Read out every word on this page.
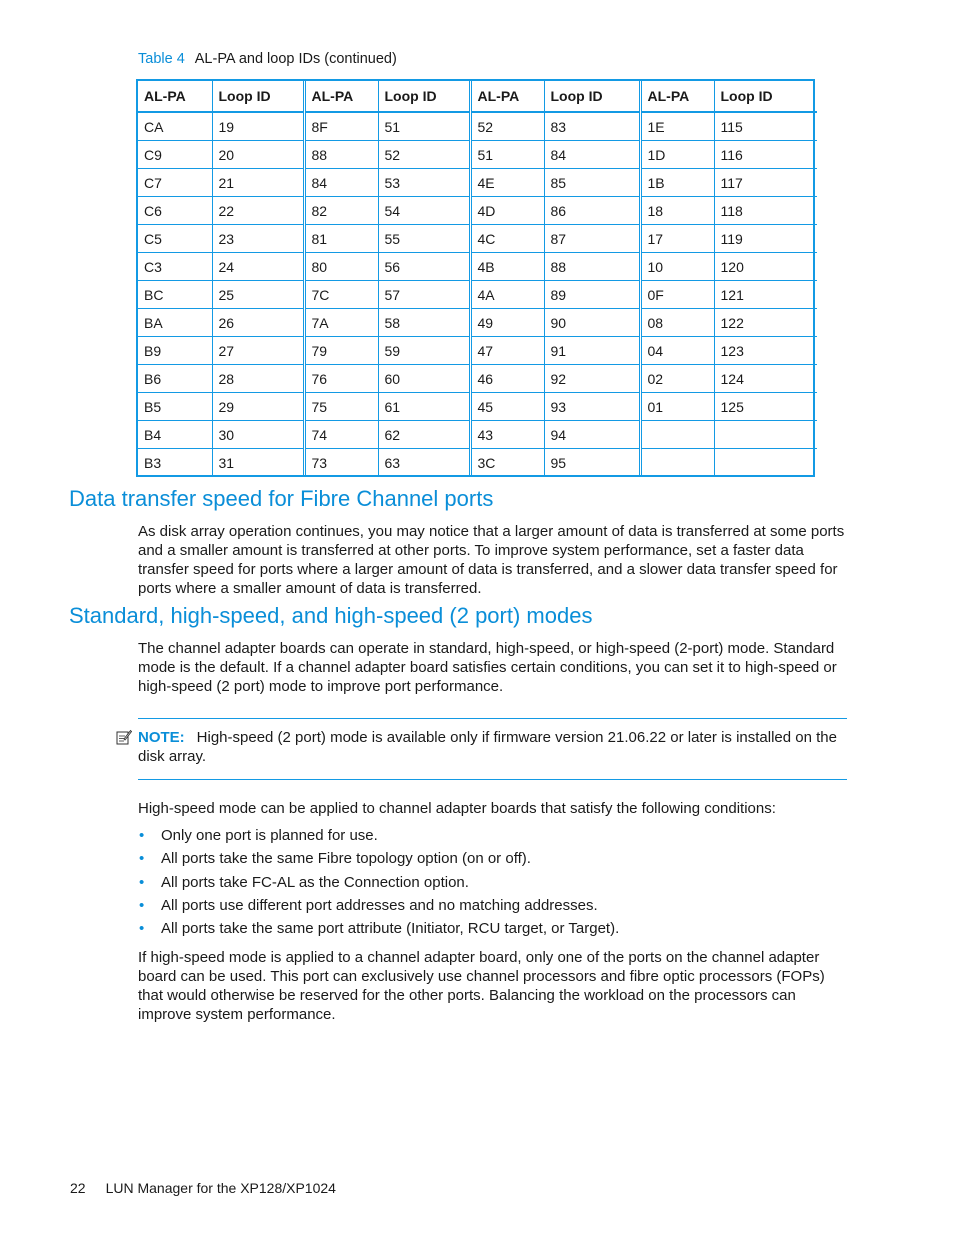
Table 4 AL-PA and loop IDs (continued)
AL-PA	Loop ID	AL-PA	Loop ID	AL-PA	Loop ID	AL-PA	Loop ID
CA	19	8F	51	52	83	1E	115
C9	20	88	52	51	84	1D	116
C7	21	84	53	4E	85	1B	117
C6	22	82	54	4D	86	18	118
C5	23	81	55	4C	87	17	119
C3	24	80	56	4B	88	10	120
BC	25	7C	57	4A	89	0F	121
BA	26	7A	58	49	90	08	122
B9	27	79	59	47	91	04	123
B6	28	76	60	46	92	02	124
B5	29	75	61	45	93	01	125
B4	30	74	62	43	94		
B3	31	73	63	3C	95		
Data transfer speed for Fibre Channel ports

As disk array operation continues, you may notice that a larger amount of data is transferred at some ports and a smaller amount is transferred at other ports. To improve system performance, set a faster data transfer speed for ports where a larger amount of data is transferred, and a slower data transfer speed for ports where a smaller amount of data is transferred.

Standard, high-speed, and high-speed (2 port) modes

The channel adapter boards can operate in standard, high-speed, or high-speed (2-port) mode. Standard mode is the default. If a channel adapter board satisfies certain conditions, you can set it to high-speed or high-speed (2 port) mode to improve port performance.

NOTE: High-speed (2 port) mode is available only if firmware version 21.06.22 or later is installed on the disk array.

High-speed mode can be applied to channel adapter boards that satisfy the following conditions:

• Only one port is planned for use.
• All ports take the same Fibre topology option (on or off).
• All ports take FC-AL as the Connection option.
• All ports use different port addresses and no matching addresses.
• All ports take the same port attribute (Initiator, RCU target, or Target).

If high-speed mode is applied to a channel adapter board, only one of the ports on the channel adapter board can be used. This port can exclusively use channel processors and fibre optic processors (FOPs) that would otherwise be reserved for the other ports. Balancing the workload on the processors can improve system performance.

22 LUN Manager for the XP128/XP1024
